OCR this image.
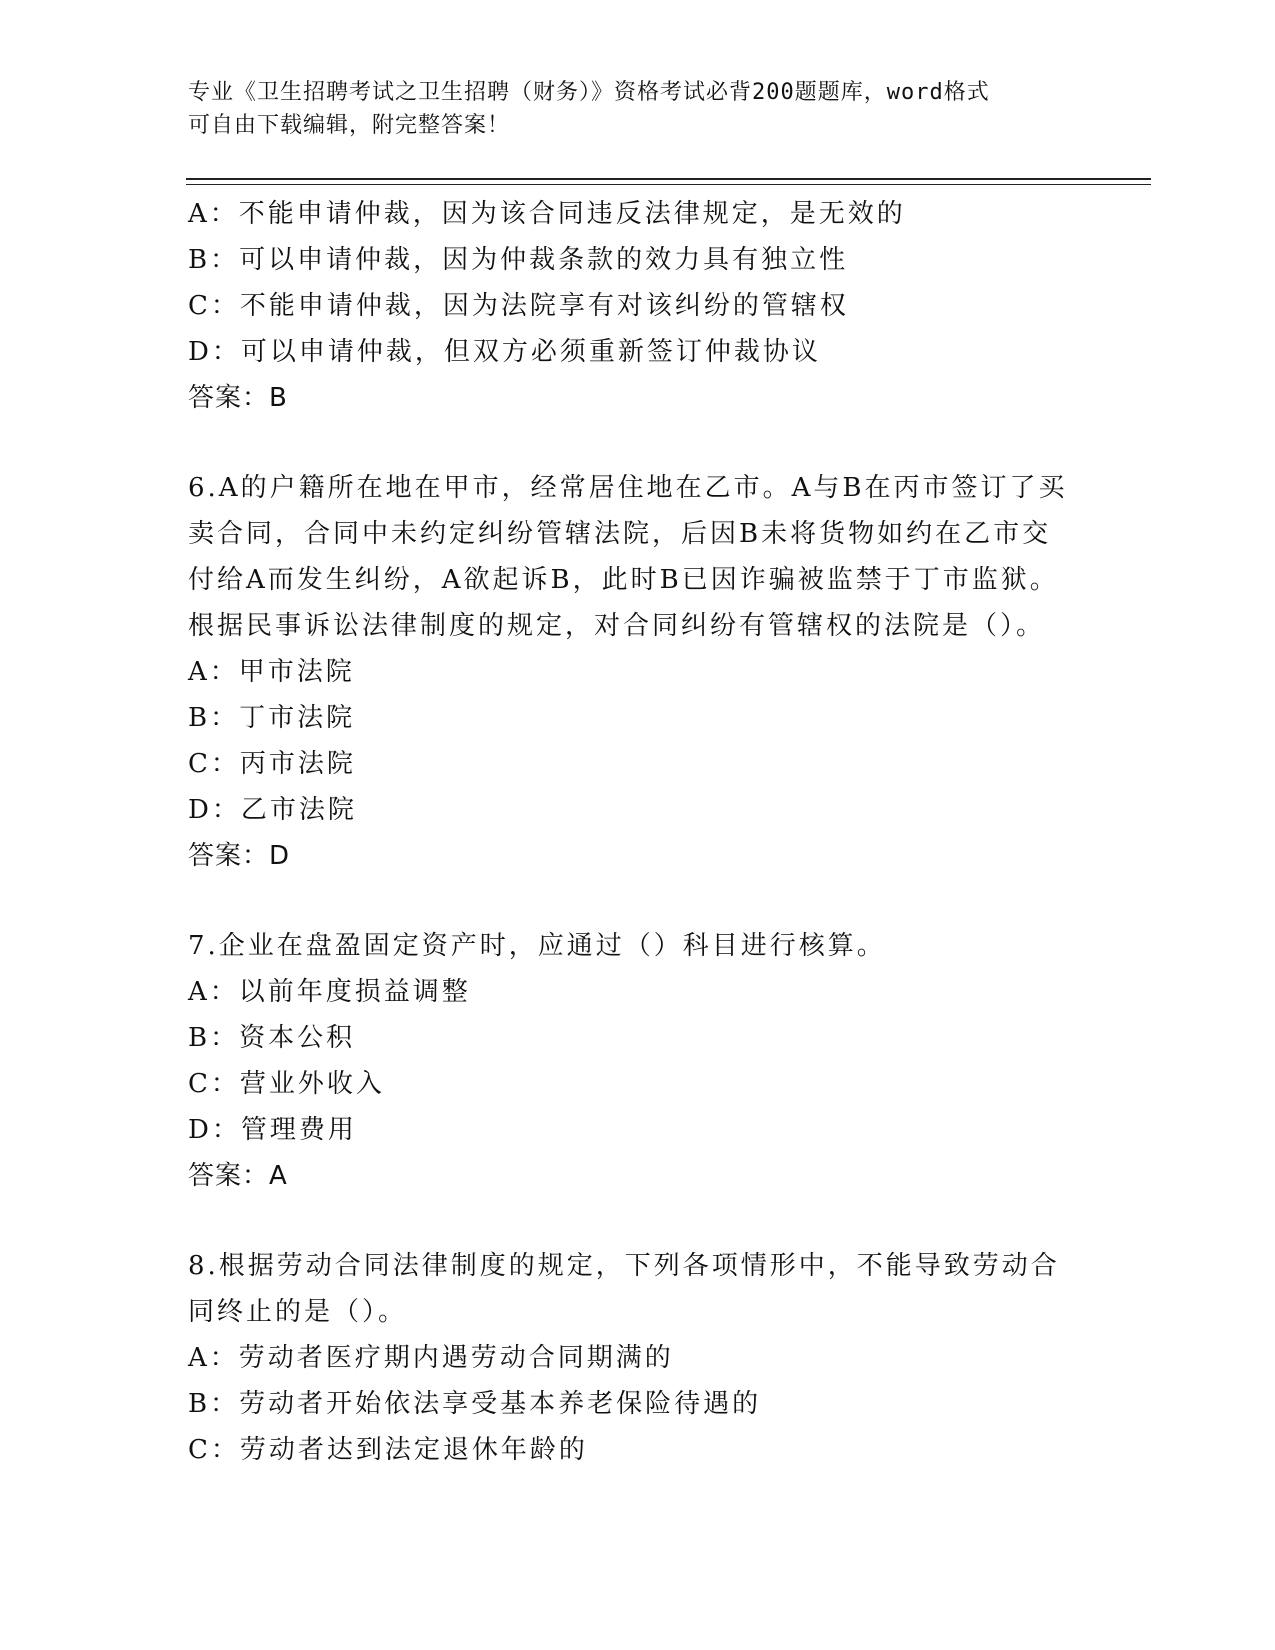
专业《卫生招聘考试之卫生招聘（财务）》资格考试必背200题题库，word格式
可自由下载编辑，附完整答案！
A：不能申请仲裁，因为该合同违反法律规定，是无效的
B：可以申请仲裁，因为仲裁条款的效力具有独立性
C：不能申请仲裁，因为法院享有对该纠纷的管辖权
D：可以申请仲裁，但双方必须重新签订仲裁协议
答案：B
6.A的户籍所在地在甲市，经常居住地在乙市。A与B在丙市签订了买
卖合同，合同中未约定纠纷管辖法院，后因B未将货物如约在乙市交
付给A而发生纠纷，A欲起诉B，此时B已因诈骗被监禁于丁市监狱。
根据民事诉讼法律制度的规定，对合同纠纷有管辖权的法院是（）。
A：甲市法院
B：丁市法院
C：丙市法院
D：乙市法院
答案：D
7.企业在盘盈固定资产时，应通过（）科目进行核算。
A：以前年度损益调整
B：资本公积
C：营业外收入
D：管理费用
答案：A
8.根据劳动合同法律制度的规定，下列各项情形中，不能导致劳动合
同终止的是（）。
A：劳动者医疗期内遇劳动合同期满的
B：劳动者开始依法享受基本养老保险待遇的
C：劳动者达到法定退休年龄的
